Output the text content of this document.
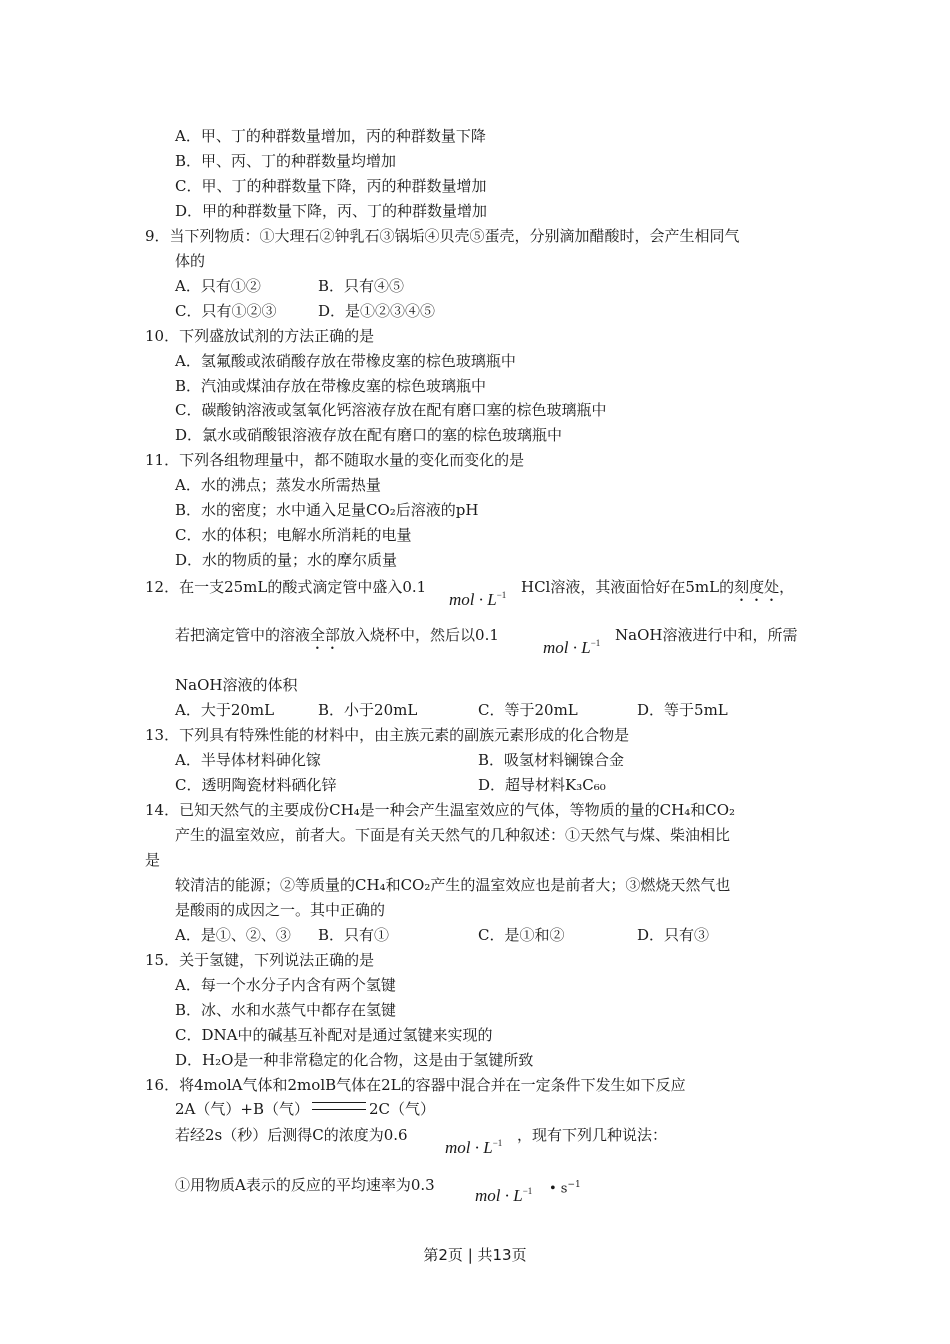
A．甲、丁的种群数量增加，丙的种群数量下降
B．甲、丙、丁的种群数量均增加
C．甲、丁的种群数量下降，丙的种群数量增加
D．甲的种群数量下降，丙、丁的种群数量增加
9．当下列物质：①大理石②钟乳石③锅垢④贝壳⑤蛋壳，分别滴加醋酸时，会产生相同气
体的
A．只有①②	B．只有④⑤
C．只有①②③	D．是①②③④⑤
10．下列盛放试剂的方法正确的是
A．氢氟酸或浓硝酸存放在带橡皮塞的棕色玻璃瓶中
B．汽油或煤油存放在带橡皮塞的棕色玻璃瓶中
C．碳酸钠溶液或氢氧化钙溶液存放在配有磨口塞的棕色玻璃瓶中
D．氯水或硝酸银溶液存放在配有磨口的塞的棕色玻璃瓶中
11．下列各组物理量中，都不随取水量的变化而变化的是
A．水的沸点；蒸发水所需热量
B．水的密度；水中通入足量CO₂后溶液的pH
C．水的体积；电解水所消耗的电量
D．水的物质的量；水的摩尔质量
12．在一支25mL的酸式滴定管中盛入0.1
mol · $L^{-1}$ HCl溶液，其液面恰好在5mL的刻度处，
若把滴定管中的溶液全部放入烧杯中，然后以0.1
mol · $L^{-1}$ NaOH溶液进行中和，所需
NaOH溶液的体积
A．大于20mL	B．小于20mL	C．等于20mL	D．等于5mL
13．下列具有特殊性能的材料中，由主族元素的副族元素形成的化合物是
A．半导体材料砷化镓	B．吸氢材料镧镍合金
C．透明陶瓷材料硒化锌	D．超导材料K₃C₆₀
14．已知天然气的主要成份CH₄是一种会产生温室效应的气体，等物质的量的CH₄和CO₂
产生的温室效应，前者大。下面是有关天然气的几种叙述：①天然气与煤、柴油相比
是
较清洁的能源；②等质量的CH₄和CO₂产生的温室效应也是前者大；③燃烧天然气也
是酸雨的成因之一。其中正确的
A．是①、②、③ B．只有①	C．是①和②	D．只有③
15．关于氢键，下列说法正确的是
A．每一个水分子内含有两个氢键
B．冰、水和水蒸气中都存在氢键
C．DNA中的碱基互补配对是通过氢键来实现的
D．H₂O是一种非常稳定的化合物，这是由于氢键所致
16．将4molA气体和2molB气体在2L的容器中混合并在一定条件下发生如下反应
2A（气）+B（气）	2C（气）
若经2s（秒）后测得C的浓度为0.6
mol · $L^{-1}$ ，现有下列几种说法：
①用物质A表示的反应的平均速率为0.3
mol · $L^{-1}$ • $s^{-1}$
第2页 | 共13页
